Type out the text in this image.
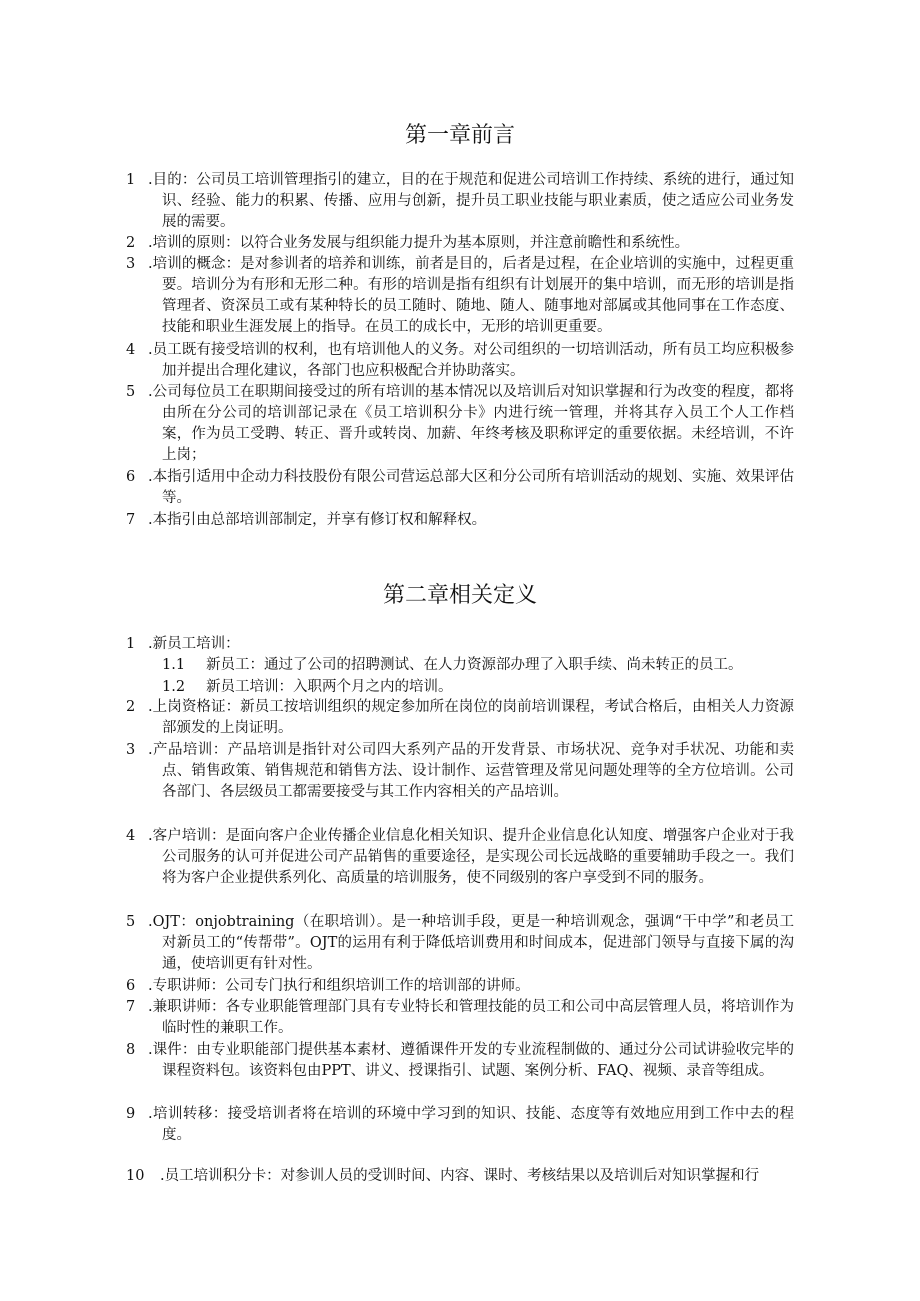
第一章前言
1 .目的：公司员工培训管理指引的建立，目的在于规范和促进公司培训工作持续、系统的进行，通过知识、经验、能力的积累、传播、应用与创新，提升员工职业技能与职业素质，使之适应公司业务发展的需要。
2 .培训的原则：以符合业务发展与组织能力提升为基本原则，并注意前瞻性和系统性。
3 .培训的概念：是对参训者的培养和训练，前者是目的，后者是过程，在企业培训的实施中，过程更重要。培训分为有形和无形二种。有形的培训是指有组织有计划展开的集中培训，而无形的培训是指管理者、资深员工或有某种特长的员工随时、随地、随人、随事地对部属或其他同事在工作态度、技能和职业生涯发展上的指导。在员工的成长中，无形的培训更重要。
4 .员工既有接受培训的权利，也有培训他人的义务。对公司组织的一切培训活动，所有员工均应积极参加并提出合理化建议，各部门也应积极配合并协助落实。
5 .公司每位员工在职期间接受过的所有培训的基本情况以及培训后对知识掌握和行为改变的程度，都将由所在分公司的培训部记录在《员工培训积分卡》内进行统一管理，并将其存入员工个人工作档案，作为员工受聘、转正、晋升或转岗、加薪、年终考核及职称评定的重要依据。未经培训，不许上岗；
6 .本指引适用中企动力科技股份有限公司营运总部大区和分公司所有培训活动的规划、实施、效果评估等。
7 .本指引由总部培训部制定，并享有修订权和解释权。
第二章相关定义
1 .新员工培训：
1.1 新员工：通过了公司的招聘测试、在人力资源部办理了入职手续、尚未转正的员工。
1.2 新员工培训：入职两个月之内的培训。
2 .上岗资格证：新员工按培训组织的规定参加所在岗位的岗前培训课程，考试合格后，由相关人力资源部颁发的上岗证明。
3 .产品培训：产品培训是指针对公司四大系列产品的开发背景、市场状况、竞争对手状况、功能和卖点、销售政策、销售规范和销售方法、设计制作、运营管理及常见问题处理等的全方位培训。公司各部门、各层级员工都需要接受与其工作内容相关的产品培训。
4 .客户培训：是面向客户企业传播企业信息化相关知识、提升企业信息化认知度、增强客户企业对于我公司服务的认可并促进公司产品销售的重要途径，是实现公司长远战略的重要辅助手段之一。我们将为客户企业提供系列化、高质量的培训服务，使不同级别的客户享受到不同的服务。
5 .OJT：onjobtraining（在职培训）。是一种培训手段，更是一种培训观念，强调“干中学”和老员工对新员工的“传帮带”。OJT的运用有利于降低培训费用和时间成本，促进部门领导与直接下属的沟通，使培训更有针对性。
6 .专职讲师：公司专门执行和组织培训工作的培训部的讲师。
7 .兼职讲师：各专业职能管理部门具有专业特长和管理技能的员工和公司中高层管理人员，将培训作为临时性的兼职工作。
8 .课件：由专业职能部门提供基本素材、遵循课件开发的专业流程制做的、通过分公司试讲验收完毕的课程资料包。该资料包由PPT、讲义、授课指引、试题、案例分析、FAQ、视频、录音等组成。
9 .培训转移：接受培训者将在培训的环境中学习到的知识、技能、态度等有效地应用到工作中去的程度。
10	.员工培训积分卡：对参训人员的受训时间、内容、课时、考核结果以及培训后对知识掌握和行
